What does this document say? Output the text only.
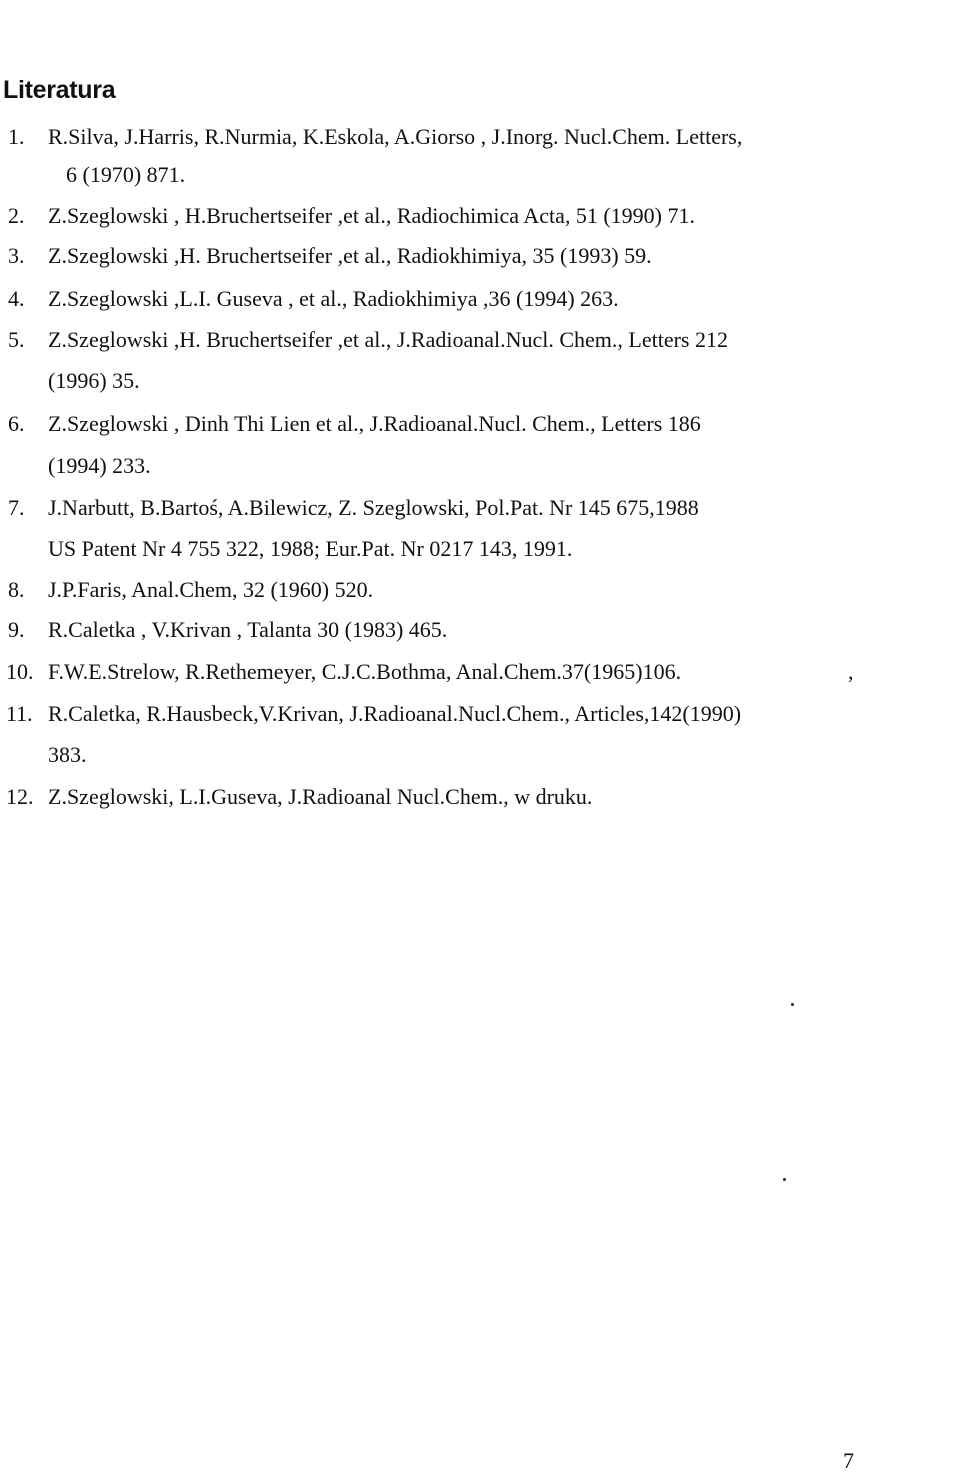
Literatura
1. R.Silva, J.Harris, R.Nurmia, K.Eskola, A.Giorso , J.Inorg. Nucl.Chem. Letters,
6 (1970) 871.
2. Z.Szeglowski , H.Bruchertseifer ,et al., Radiochimica Acta, 51 (1990) 71.
3. Z.Szeglowski ,H. Bruchertseifer ,et al., Radiokhimiya, 35 (1993) 59.
4. Z.Szeglowski ,L.I. Guseva , et al., Radiokhimiya ,36 (1994) 263.
5. Z.Szeglowski ,H. Bruchertseifer ,et al., J.Radioanal.Nucl. Chem., Letters 212
(1996) 35.
6. Z.Szeglowski , Dinh Thi Lien et al., J.Radioanal.Nucl. Chem., Letters 186
(1994) 233.
7. J.Narbutt, B.Bartoś, A.Bilewicz, Z. Szeglowski, Pol.Pat. Nr 145 675,1988
US Patent Nr 4 755 322, 1988; Eur.Pat. Nr 0217 143, 1991.
8. J.P.Faris, Anal.Chem, 32 (1960) 520.
9. R.Caletka , V.Krivan , Talanta 30 (1983) 465.
10. F.W.E.Strelow, R.Rethemeyer, C.J.C.Bothma, Anal.Chem.37(1965)106.	,
11. R.Caletka, R.Hausbeck,V.Krivan, J.Radioanal.Nucl.Chem., Articles,142(1990)
383.
12. Z.Szeglowski, L.I.Guseva, J.Radioanal Nucl.Chem., w druku.
7
